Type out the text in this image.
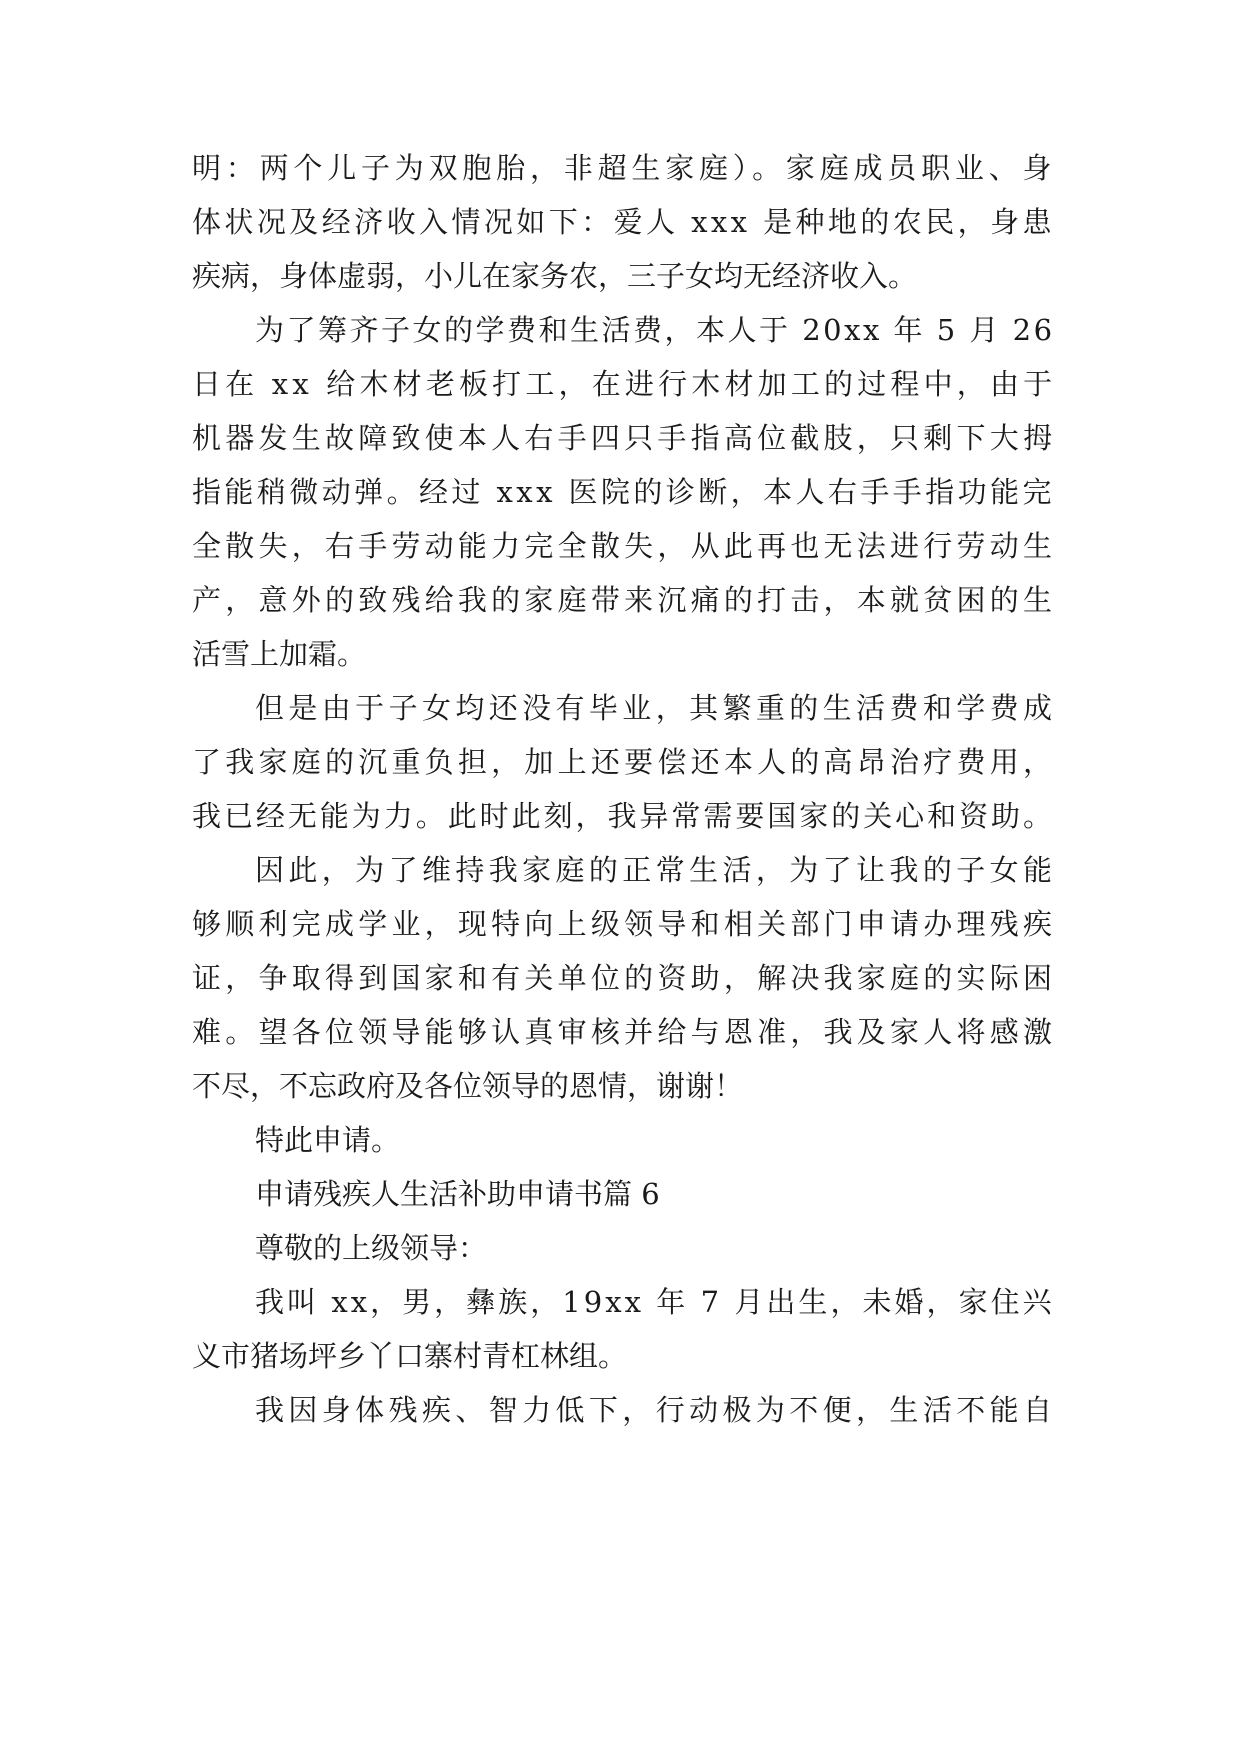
明：两个儿子为双胞胎，非超生家庭）。家庭成员职业、身
体状况及经济收入情况如下：爱人 xxx 是种地的农民，身患
疾病，身体虚弱，小儿在家务农，三子女均无经济收入。
为了筹齐子女的学费和生活费，本人于 20xx 年 5 月 26
日在 xx 给木材老板打工，在进行木材加工的过程中，由于
机器发生故障致使本人右手四只手指高位截肢，只剩下大拇
指能稍微动弹。经过 xxx 医院的诊断，本人右手手指功能完
全散失，右手劳动能力完全散失，从此再也无法进行劳动生
产，意外的致残给我的家庭带来沉痛的打击，本就贫困的生
活雪上加霜。
但是由于子女均还没有毕业，其繁重的生活费和学费成
了我家庭的沉重负担，加上还要偿还本人的高昂治疗费用，
我已经无能为力。此时此刻，我异常需要国家的关心和资助。
因此，为了维持我家庭的正常生活，为了让我的子女能
够顺利完成学业，现特向上级领导和相关部门申请办理残疾
证，争取得到国家和有关单位的资助，解决我家庭的实际困
难。望各位领导能够认真审核并给与恩准，我及家人将感激
不尽，不忘政府及各位领导的恩情，谢谢！
特此申请。
申请残疾人生活补助申请书篇 6
尊敬的上级领导：
我叫 xx，男，彝族，19xx 年 7 月出生，未婚，家住兴
义市猪场坪乡丫口寨村青杠林组。
我因身体残疾、智力低下，行动极为不便，生活不能自
